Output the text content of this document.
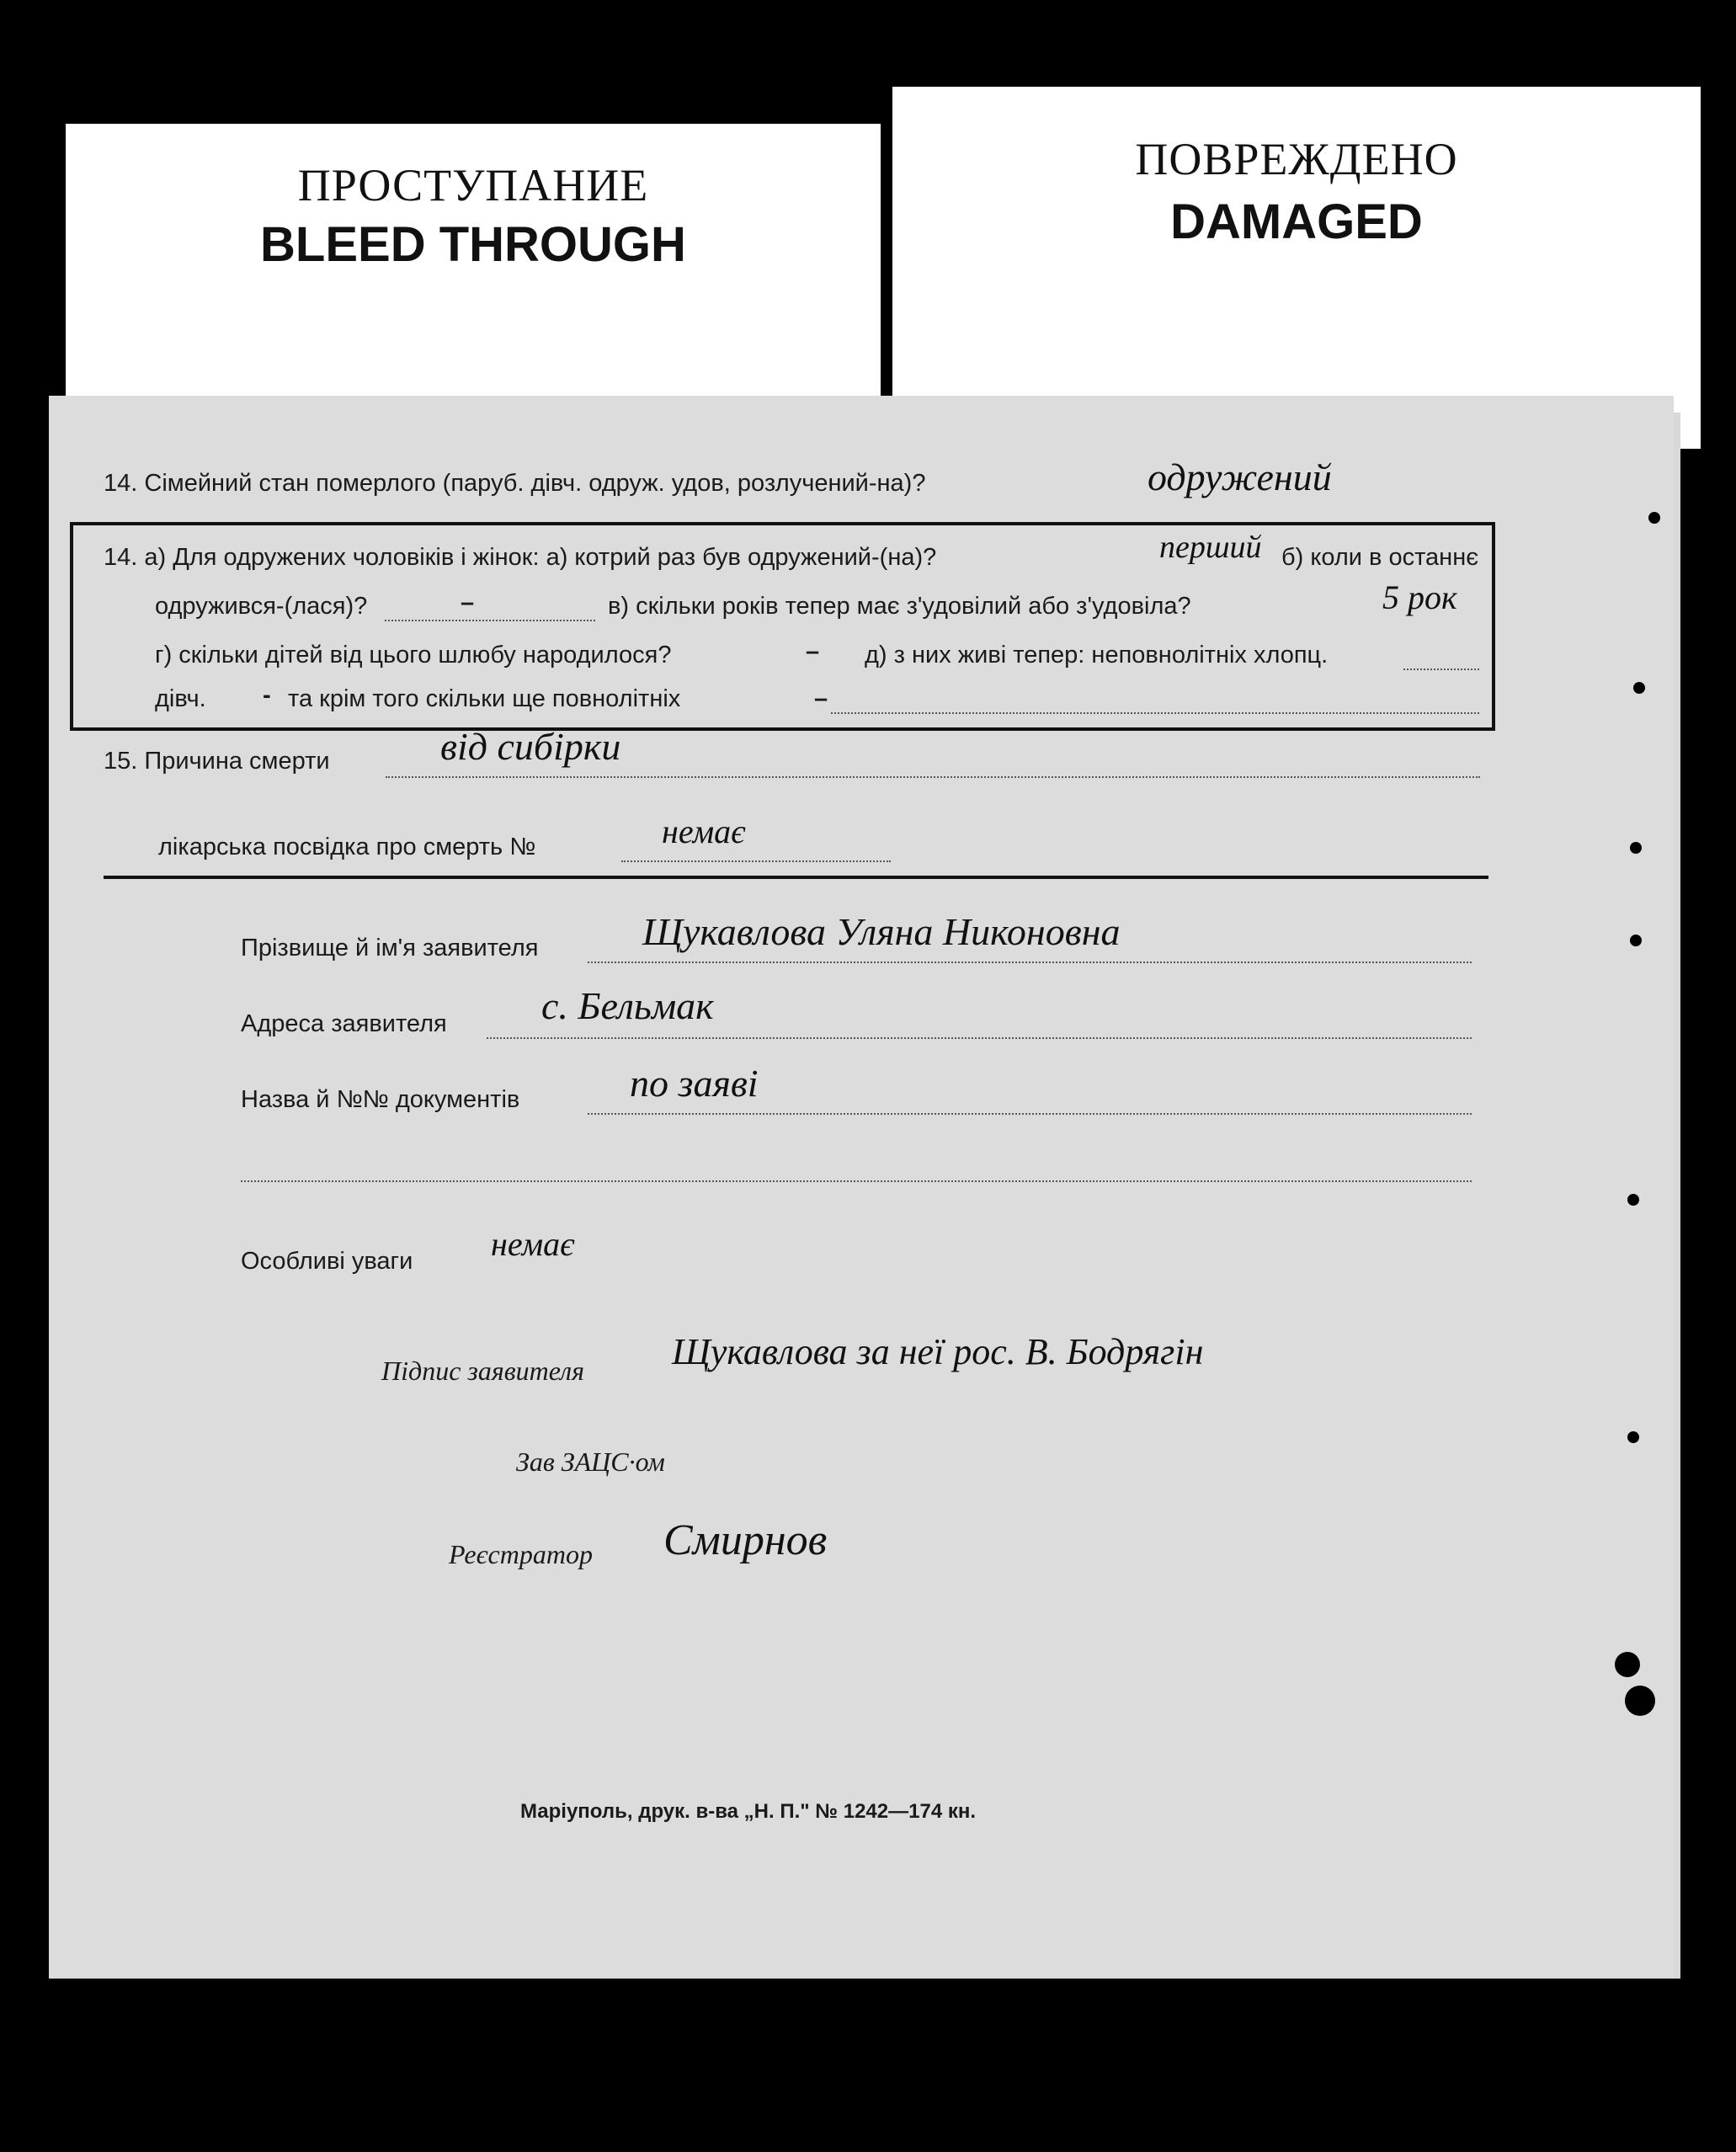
ПРОСТУПАНИЕ
BLEED THROUGH
ПОВРЕЖДЕНО
DAMAGED
14. Сімейний стан померлого (паруб. дівч. одруж. удов, розлучений-на)?	одружений
14. а) Для одружених чоловіків і жінок: а) котрий раз був одружений-(на)?	перший б) коли в останнє
одружився-(лася)?	–	в) скільки років тепер має з'удовілий або з'удовіла?	5 рок
г) скільки дітей від цього шлюбу народилося?	– д) з них живі тепер: неповнолітніх хлопц.
дівч. - та крім того скільки ще повнолітніх	–
15. Причина смерти	від сибірки
лікарська посвідка про смерть №	немає
Прізвище й ім'я заявителя	Щукавлова Уляна Никоновна
Адреса заявителя с. Бельмак
Назва й №№ документів	по заяві
Особливі уваги немає
Підпис заявителя Щукавлова за неї рос. В. Бодрягін
Зав ЗАЦС·ом
Реєстратор Смирнов
Маріуполь, друк. в-ва „Н. П." № 1242—174 кн.
